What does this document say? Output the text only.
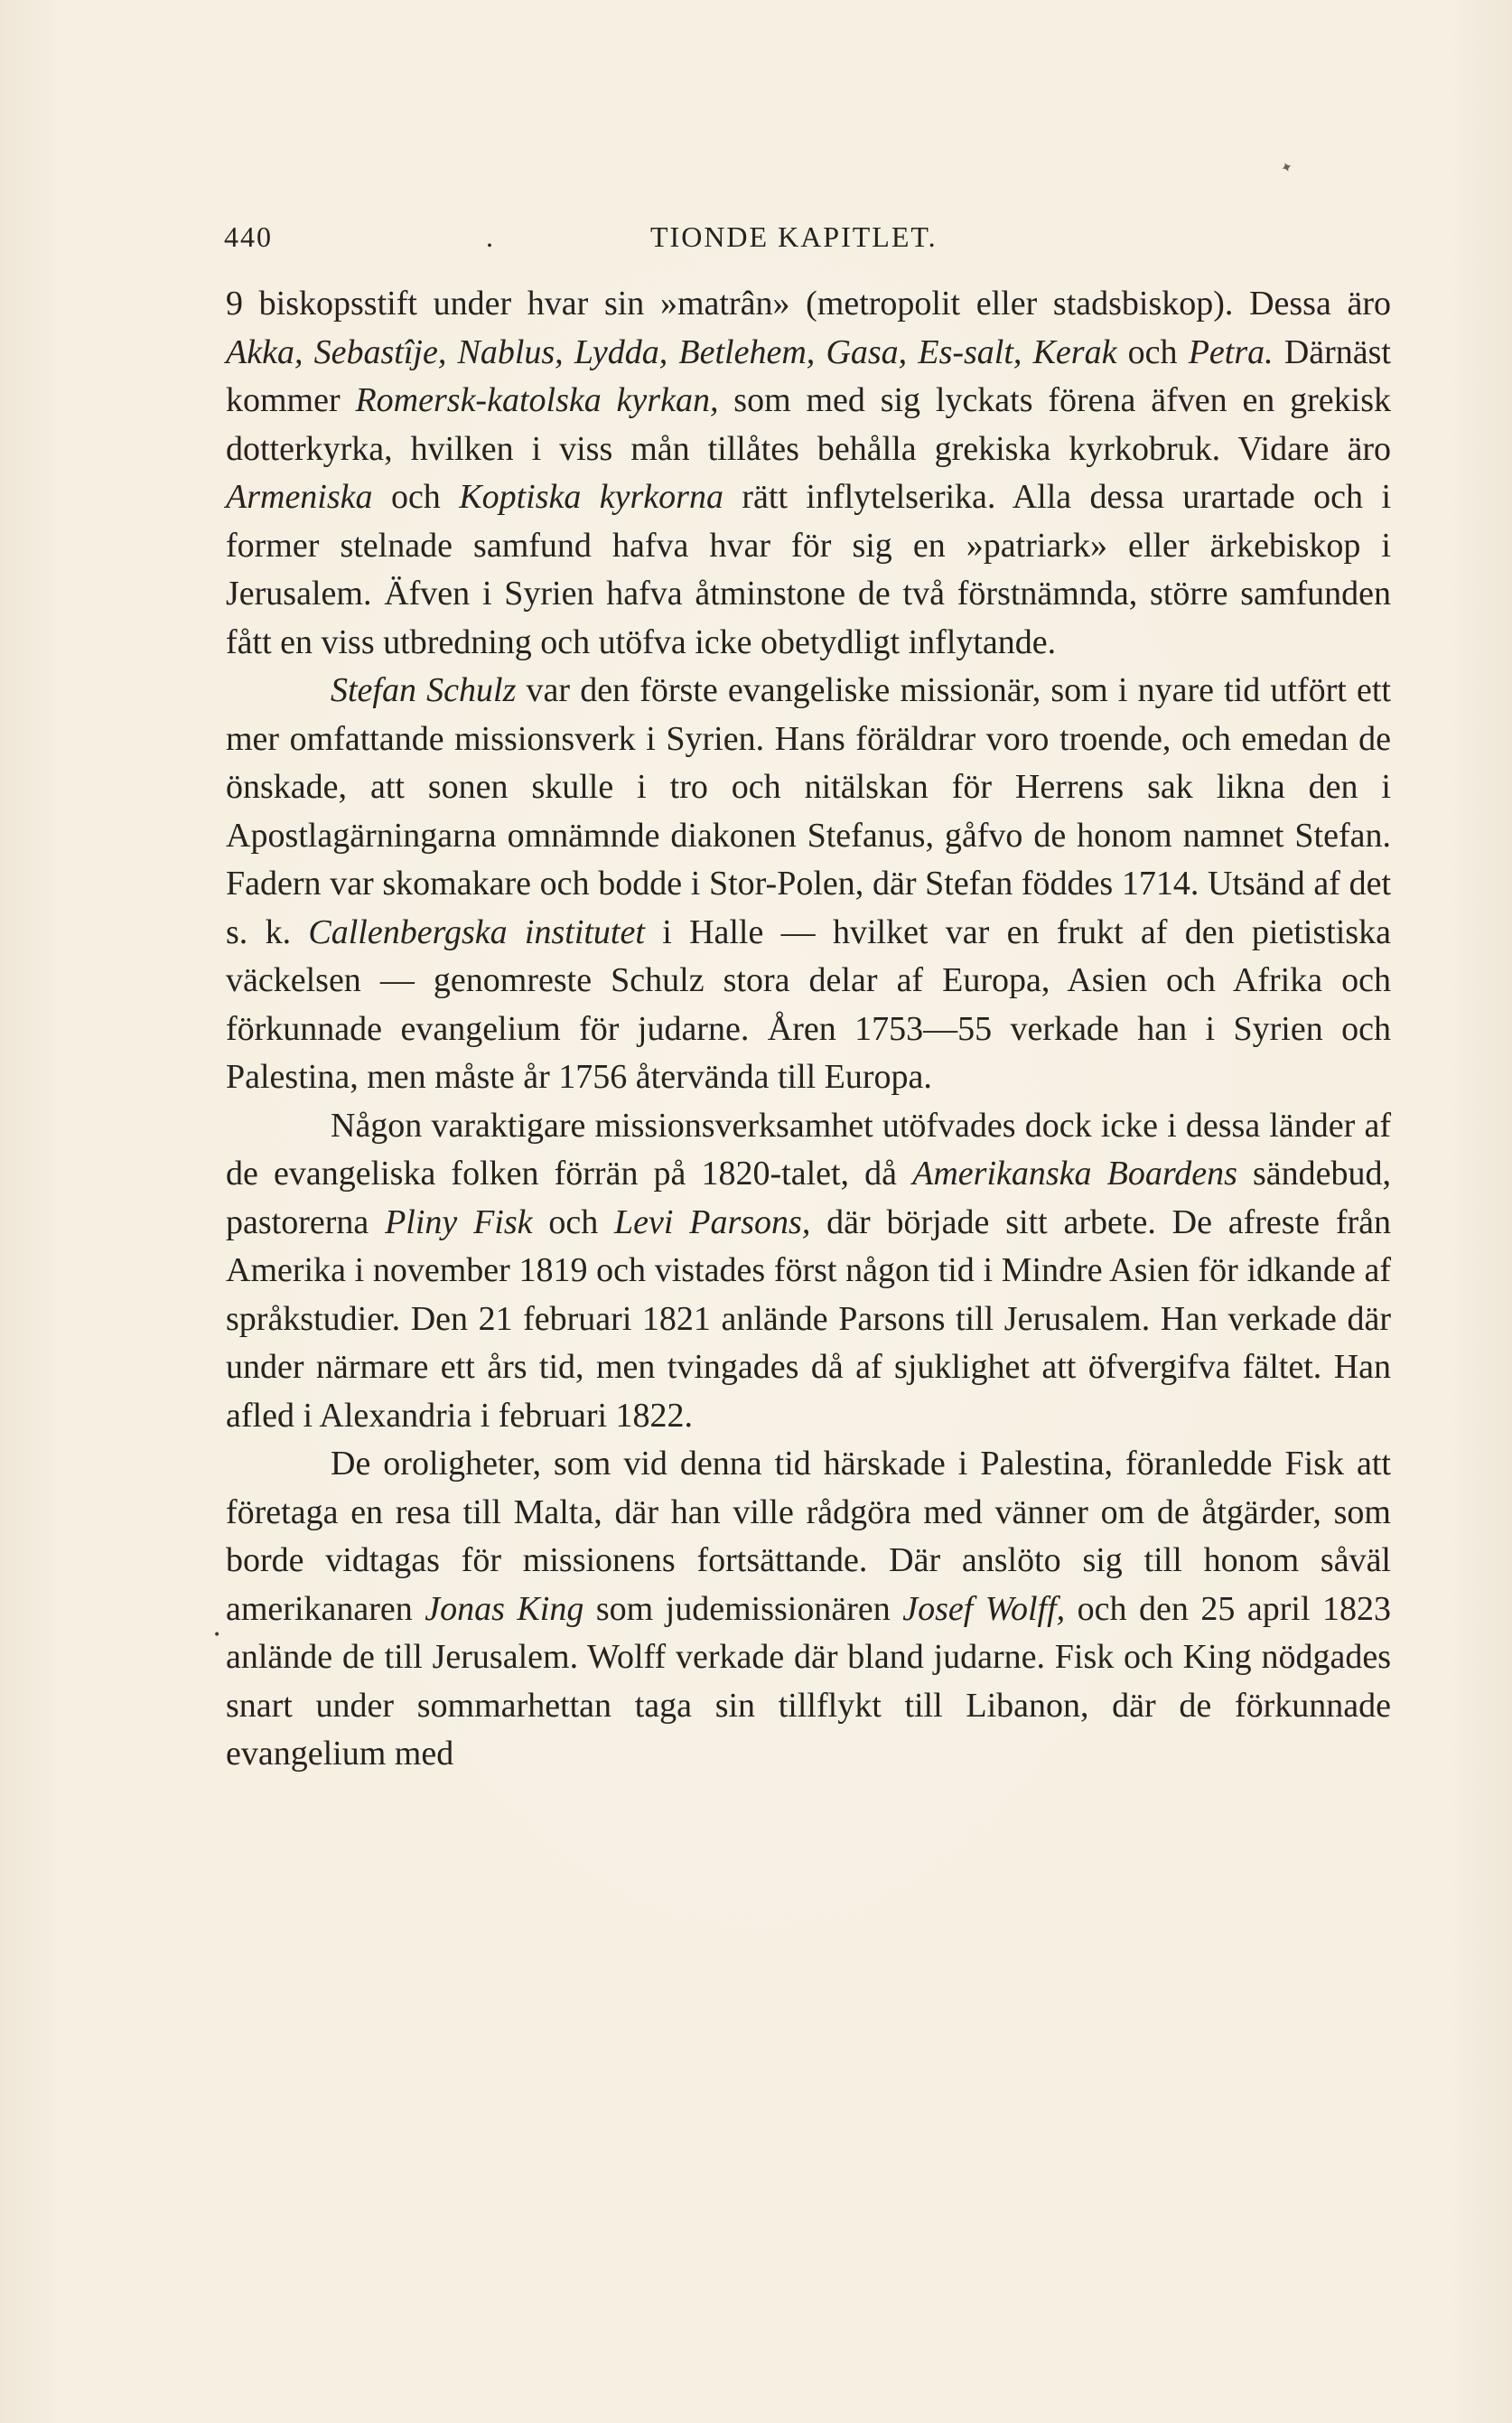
✦
440	.	TIONDE KAPITLET.
•

9 biskopsstift under hvar sin »matrân» (metropolit eller stadsbiskop). Dessa äro Akka, Sebastîje, Nablus, Lydda, Betlehem, Gasa, Es-salt, Kerak och Petra. Därnäst kommer Romersk-katolska kyrkan, som med sig lyckats förena äfven en grekisk dotterkyrka, hvilken i viss mån tillåtes behålla grekiska kyrkobruk. Vidare äro Armeniska och Koptiska kyrkorna rätt inflytelserika. Alla dessa urartade och i former stelnade samfund hafva hvar för sig en »patriark» eller ärkebiskop i Jerusalem. Äfven i Syrien hafva åtminstone de två förstnämnda, större samfunden fått en viss utbredning och utöfva icke obetydligt inflytande.

Stefan Schulz var den förste evangeliske missionär, som i nyare tid utfört ett mer omfattande missionsverk i Syrien. Hans föräldrar voro troende, och emedan de önskade, att sonen skulle i tro och nitälskan för Herrens sak likna den i Apostlagärningarna omnämnde diakonen Stefanus, gåfvo de honom namnet Stefan. Fadern var skomakare och bodde i Stor-Polen, där Stefan föddes 1714. Utsänd af det s. k. Callenbergska institutet i Halle — hvilket var en frukt af den pietistiska väckelsen — genomreste Schulz stora delar af Europa, Asien och Afrika och förkunnade evangelium för judarne. Åren 1753—55 verkade han i Syrien och Palestina, men måste år 1756 återvända till Europa.

Någon varaktigare missionsverksamhet utöfvades dock icke i dessa länder af de evangeliska folken förrän på 1820-talet, då Amerikanska Boardens sändebud, pastorerna Pliny Fisk och Levi Parsons, där började sitt arbete. De afreste från Amerika i november 1819 och vistades först någon tid i Mindre Asien för idkande af språkstudier. Den 21 februari 1821 anlände Parsons till Jerusalem. Han verkade där under närmare ett års tid, men tvingades då af sjuklighet att öfvergifva fältet. Han afled i Alexandria i februari 1822.

De oroligheter, som vid denna tid härskade i Palestina, föranledde Fisk att företaga en resa till Malta, där han ville rådgöra med vänner om de åtgärder, som borde vidtagas för missionens fortsättande. Där anslöto sig till honom såväl amerikanaren Jonas King som judemissionären Josef Wolff, och den 25 april 1823 anlände de till Jerusalem. Wolff verkade där bland judarne. Fisk och King nödgades snart under sommarhettan taga sin tillflykt till Libanon, där de förkunnade evangelium med
